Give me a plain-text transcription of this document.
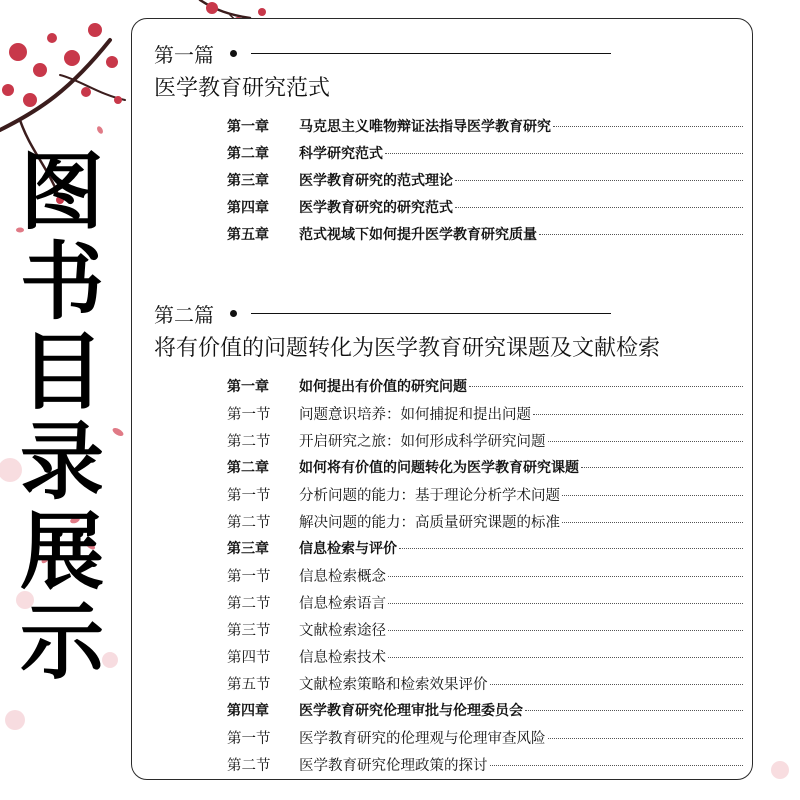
图
书
目
录
展
示
第一篇
医学教育研究范式
第一章	马克思主义唯物辩证法指导医学教育研究
第二章	科学研究范式
第三章	医学教育研究的范式理论
第四章	医学教育研究的研究范式
第五章	范式视域下如何提升医学教育研究质量
第二篇
将有价值的问题转化为医学教育研究课题及文献检索
第一章	如何提出有价值的研究问题
第一节	问题意识培养：如何捕捉和提出问题
第二节	开启研究之旅：如何形成科学研究问题
第二章	如何将有价值的问题转化为医学教育研究课题
第一节	分析问题的能力：基于理论分析学术问题
第二节	解决问题的能力：高质量研究课题的标准
第三章	信息检索与评价
第一节	信息检索概念
第二节	信息检索语言
第三节	文献检索途径
第四节	信息检索技术
第五节	文献检索策略和检索效果评价
第四章	医学教育研究伦理审批与伦理委员会
第一节	医学教育研究的伦理观与伦理审查风险
第二节	医学教育研究伦理政策的探讨
